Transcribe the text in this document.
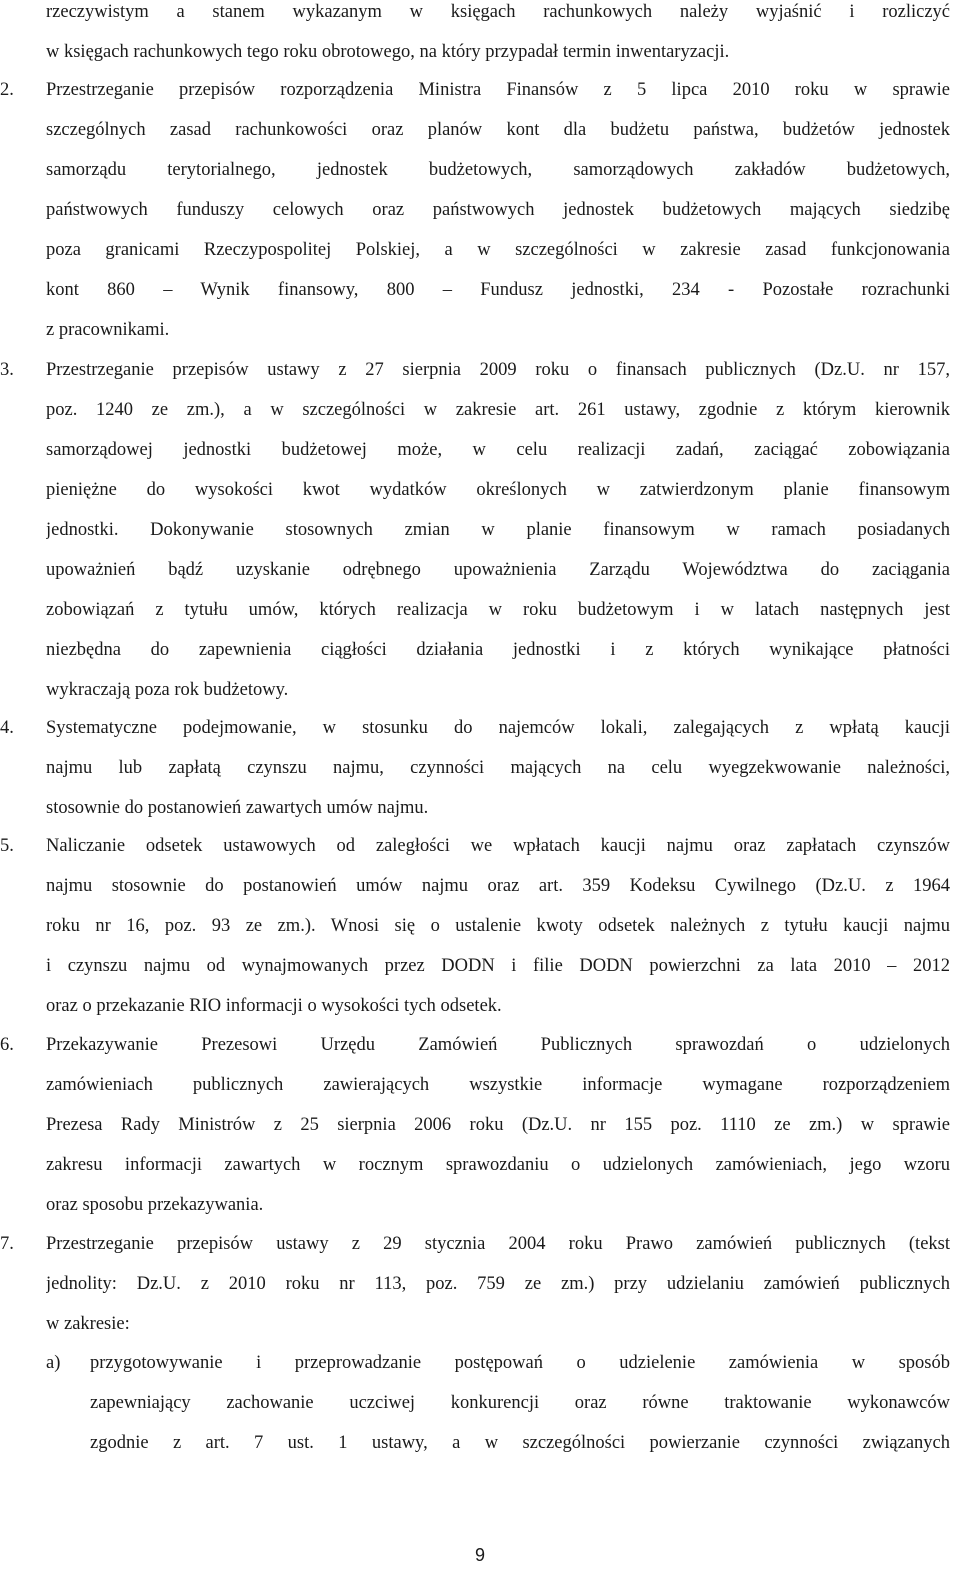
rzeczywistym a stanem wykazanym w księgach rachunkowych należy wyjaśnić i rozliczyć
w księgach rachunkowych tego roku obrotowego, na który przypadał termin inwentaryzacji.
2. Przestrzeganie przepisów rozporządzenia Ministra Finansów z 5 lipca 2010 roku w sprawie
szczególnych zasad rachunkowości oraz planów kont dla budżetu państwa, budżetów jednostek
samorządu terytorialnego, jednostek budżetowych, samorządowych zakładów budżetowych,
państwowych funduszy celowych oraz państwowych jednostek budżetowych mających siedzibę
poza granicami Rzeczypospolitej Polskiej, a w szczególności w zakresie zasad funkcjonowania
kont 860 – Wynik finansowy, 800 – Fundusz jednostki, 234 - Pozostałe rozrachunki
z pracownikami.
3. Przestrzeganie przepisów ustawy z 27 sierpnia 2009 roku o finansach publicznych (Dz.U. nr 157,
poz. 1240 ze zm.), a w szczególności w zakresie art. 261 ustawy, zgodnie z którym kierownik
samorządowej jednostki budżetowej może, w celu realizacji zadań, zaciągać zobowiązania
pieniężne do wysokości kwot wydatków określonych w zatwierdzonym planie finansowym
jednostki. Dokonywanie stosownych zmian w planie finansowym w ramach posiadanych
upoważnień bądź uzyskanie odrębnego upoważnienia Zarządu Województwa do zaciągania
zobowiązań z tytułu umów, których realizacja w roku budżetowym i w latach następnych jest
niezbędna do zapewnienia ciągłości działania jednostki i z których wynikające płatności
wykraczają poza rok budżetowy.
4. Systematyczne podejmowanie, w stosunku do najemców lokali, zalegających z wpłatą kaucji
najmu lub zapłatą czynszu najmu, czynności mających na celu wyegzekwowanie należności,
stosownie do postanowień zawartych umów najmu.
5. Naliczanie odsetek ustawowych od zaległości we wpłatach kaucji najmu oraz zapłatach czynszów
najmu stosownie do postanowień umów najmu oraz art. 359 Kodeksu Cywilnego (Dz.U. z 1964
roku nr 16, poz. 93 ze zm.). Wnosi się o ustalenie kwoty odsetek należnych z tytułu kaucji najmu
i czynszu najmu od wynajmowanych przez DODN i filie DODN powierzchni za lata 2010 – 2012
oraz o przekazanie RIO informacji o wysokości tych odsetek.
6. Przekazywanie Prezesowi Urzędu Zamówień Publicznych sprawozdań o udzielonych
zamówieniach publicznych zawierających wszystkie informacje wymagane rozporządzeniem
Prezesa Rady Ministrów z 25 sierpnia 2006 roku (Dz.U. nr 155 poz. 1110 ze zm.) w sprawie
zakresu informacji zawartych w rocznym sprawozdaniu o udzielonych zamówieniach, jego wzoru
oraz sposobu przekazywania.
7. Przestrzeganie przepisów ustawy z 29 stycznia 2004 roku Prawo zamówień publicznych (tekst
jednolity: Dz.U. z 2010 roku nr 113, poz. 759 ze zm.) przy udzielaniu zamówień publicznych
w zakresie:
a) przygotowywanie i przeprowadzanie postępowań o udzielenie zamówienia w sposób
zapewniający zachowanie uczciwej konkurencji oraz równe traktowanie wykonawców
zgodnie z art. 7 ust. 1 ustawy, a w szczególności powierzanie czynności związanych
9
